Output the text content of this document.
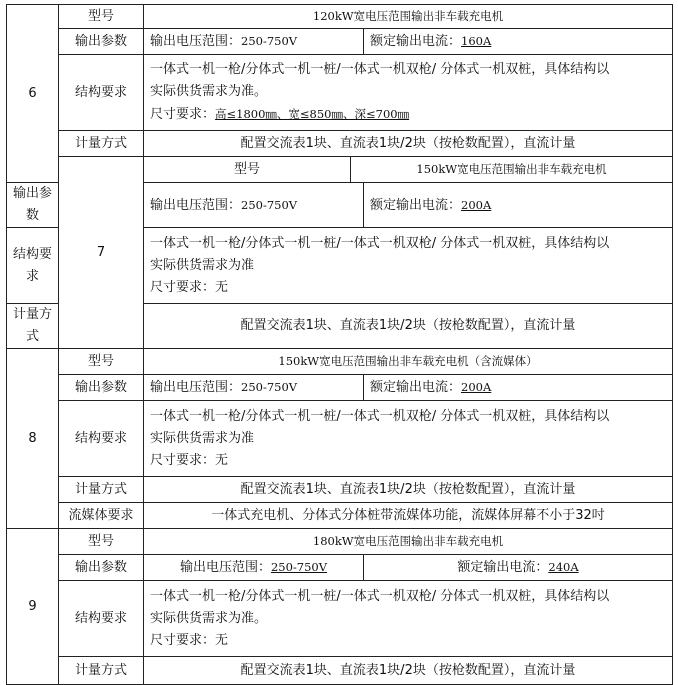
6	型号	120kW宽电压范围输出非车载充电机		
	输出参数	输出电压范围：250-750V		额定输出电流：160A

	结构要求	一体式一机一枪/分体式一机一桩/一体式一机双枪/ 分体式一机双桩，具体结构以
实际供货需求为准。
尺寸要求：高≤1800㎜、宽≤850㎜、深≤700㎜		

	计量方式	配置交流表1块、直流表1块/2块（按枪数配置），直流计量		
	7	型号	150kW宽电压范围输出非车载充电机	
输出参数		输出电压范围：250-750V		额定输出电流：200A

结构要求		一体式一机一枪/分体式一机一桩/一体式一机双枪/ 分体式一机双桩，具体结构以
实际供货需求为准
尺寸要求：无		

计量方式		配置交流表1块、直流表1块/2块（按枪数配置），直流计量		
8	型号	150kW宽电压范围输出非车载充电机（含流媒体）		
	输出参数	输出电压范围：250-750V		额定输出电流：200A

	结构要求	一体式一机一枪/分体式一机一桩/一体式一机双枪/ 分体式一机双桩，具体结构以
实际供货需求为准
尺寸要求：无		

	计量方式	配置交流表1块、直流表1块/2块（按枪数配置），直流计量		
	流媒体要求	一体式充电机、分体式分体桩带流媒体功能，流媒体屏幕不小于32吋		
9	型号	180kW宽电压范围输出非车载充电机		
	输出参数	输出电压范围：250-750V		额定输出电流：240A
	结构要求	一体式一机一枪/分体式一机一桩/一体式一机双枪/ 分体式一机双桩，具体结构以
实际供货需求为准。
尺寸要求：无		

	计量方式	配置交流表1块、直流表1块/2块（按枪数配置），直流计量		
